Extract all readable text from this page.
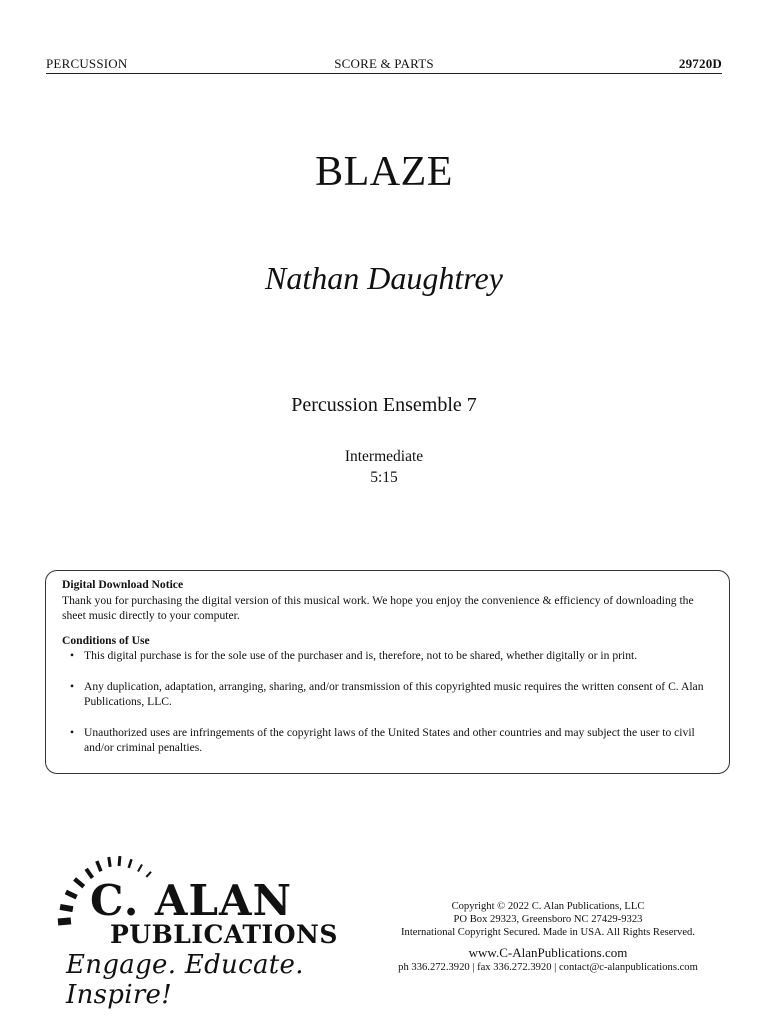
PERCUSSION	SCORE & PARTS	29720D
BLAZE
Nathan Daughtrey
Percussion Ensemble 7
Intermediate
5:15
Digital Download Notice

Thank you for purchasing the digital version of this musical work. We hope you enjoy the convenience & efficiency of downloading the sheet music directly to your computer.

Conditions of Use
• This digital purchase is for the sole use of the purchaser and is, therefore, not to be shared, whether digitally or in print.
• Any duplication, adaptation, arranging, sharing, and/or transmission of this copyrighted music requires the written consent of C. Alan Publications, LLC.
• Unauthorized uses are infringements of the copyright laws of the United States and other countries and may subject the user to civil and/or criminal penalties.
C. ALAN
PUBLICATIONS
Engage. Educate. Inspire!
Copyright © 2022 C. Alan Publications, LLC
PO Box 29323, Greensboro NC 27429-9323
International Copyright Secured. Made in USA. All Rights Reserved.
www.C-AlanPublications.com
ph 336.272.3920 | fax 336.272.3920 | contact@c-alanpublications.com
